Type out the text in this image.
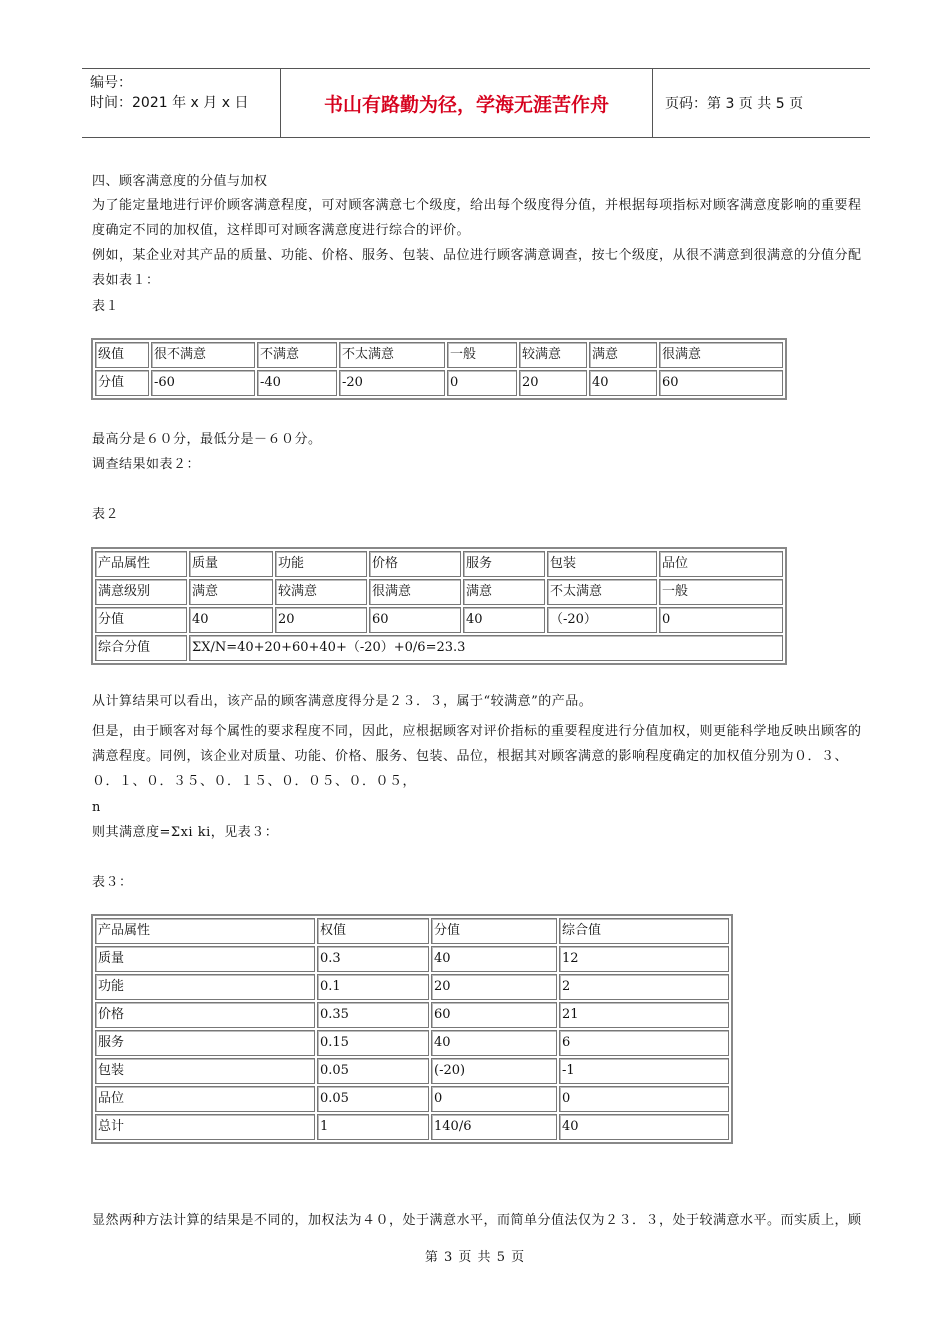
编号：
时间：2021 年 x 月 x 日	书山有路勤为径，学海无涯苦作舟	页码：第 3 页 共 5 页
四、顾客满意度的分值与加权
为了能定量地进行评价顾客满意程度，可对顾客满意七个级度，给出每个级度得分值，并根据每项指标对顾客满意度影响的重要程度确定不同的加权值，这样即可对顾客满意度进行综合的评价。
例如，某企业对其产品的质量、功能、价格、服务、包装、品位进行顾客满意调查，按七个级度，从很不满意到很满意的分值分配表如表１：
表１
级值	很不满意	不满意	不太满意	一般	较满意	满意	很满意
分值	-60	-40	-20	0	20	40	60
最高分是６０分，最低分是－６０分。
调查结果如表２：
表２
产品属性	质量	功能	价格	服务	包装	品位
满意级别	满意	较满意	很满意	满意	不太满意	一般
分值	40	20	60	40	（-20）	0
综合分值	ΣX/N=40+20+60+40+（-20）+0/6=23.3					
从计算结果可以看出，该产品的顾客满意度得分是２３．３，属于“较满意”的产品。
但是，由于顾客对每个属性的要求程度不同，因此，应根据顾客对评价指标的重要程度进行分值加权，则更能科学地反映出顾客的满意程度。同例，该企业对质量、功能、价格、服务、包装、品位，根据其对顾客满意的影响程度确定的加权值分别为０．３、０．１、０．３５、０．１５、０．０５、０．０５，
n
则其满意度=Σxi ki，见表３：
表３：
产品属性	权值	分值	综合值
质量	0.3	40	12
功能	0.1	20	2
价格	0.35	60	21
服务	0.15	40	6
包装	0.05	(-20)	-1
品位	0.05	0	0
总计	1	140/6	40
显然两种方法计算的结果是不同的，加权法为４０，处于满意水平，而简单分值法仅为２３．３，处于较满意水平。而实质上，顾
第 3 页 共 5 页
